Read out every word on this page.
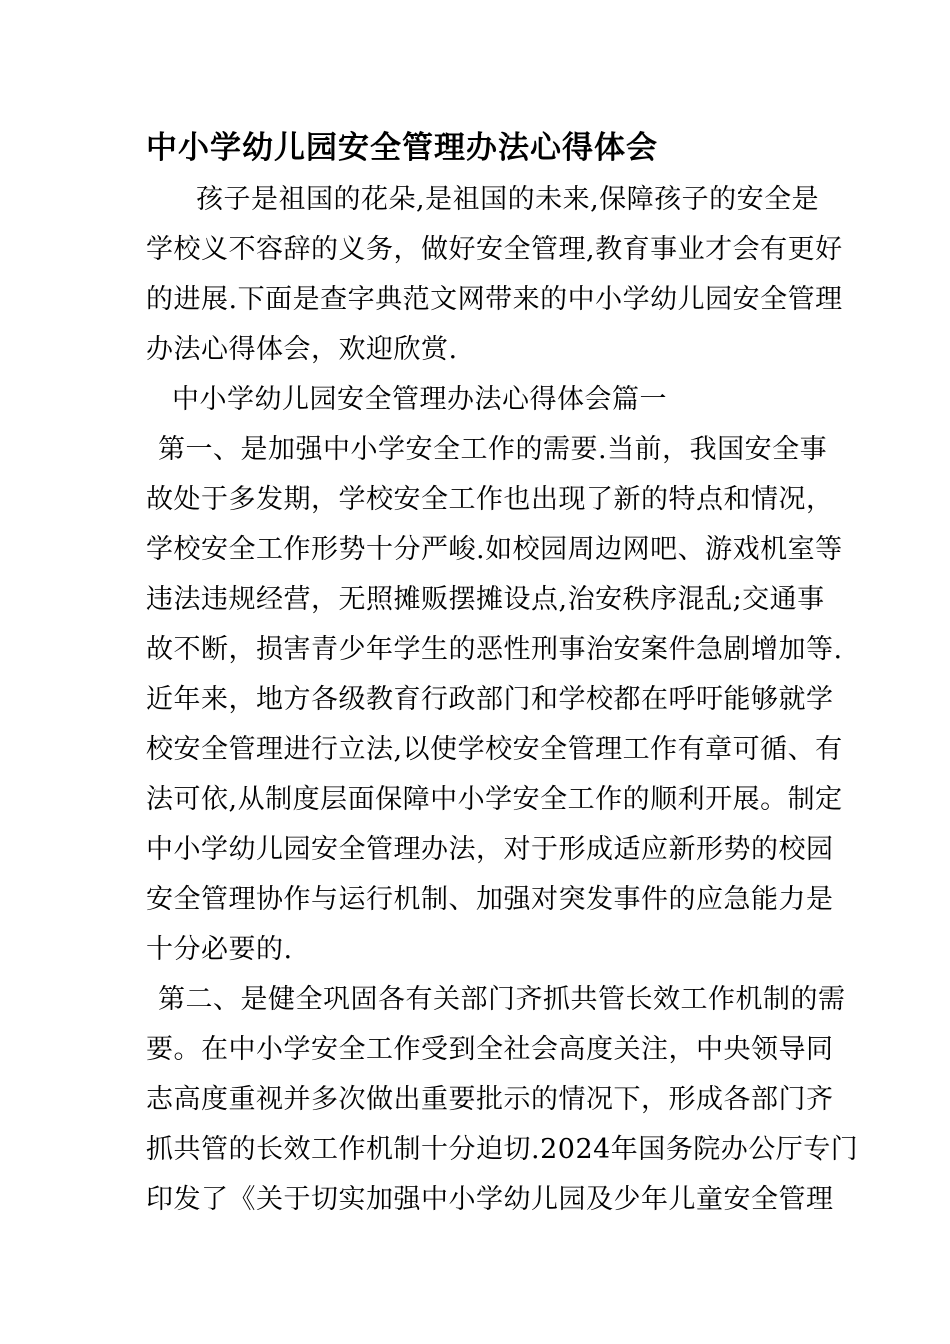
中小学幼儿园安全管理办法心得体会

孩子是祖国的花朵,是祖国的未来,保障孩子的安全是

学校义不容辞的义务，做好安全管理,教育事业才会有更好

的进展.下面是查字典范文网带来的中小学幼儿园安全管理

办法心得体会，欢迎欣赏.

中小学幼儿园安全管理办法心得体会篇一

第一、是加强中小学安全工作的需要.当前，我国安全事

故处于多发期，学校安全工作也出现了新的特点和情况，

学校安全工作形势十分严峻.如校园周边网吧、游戏机室等

违法违规经营，无照摊贩摆摊设点,治安秩序混乱;交通事

故不断，损害青少年学生的恶性刑事治安案件急剧增加等.

近年来，地方各级教育行政部门和学校都在呼吁能够就学

校安全管理进行立法,以使学校安全管理工作有章可循、有

法可依,从制度层面保障中小学安全工作的顺利开展。制定

中小学幼儿园安全管理办法，对于形成适应新形势的校园

安全管理协作与运行机制、加强对突发事件的应急能力是

十分必要的.

第二、是健全巩固各有关部门齐抓共管长效工作机制的需

要。在中小学安全工作受到全社会高度关注，中央领导同

志高度重视并多次做出重要批示的情况下，形成各部门齐

抓共管的长效工作机制十分迫切.2024年国务院办公厅专门

印发了《关于切实加强中小学幼儿园及少年儿童安全管理
